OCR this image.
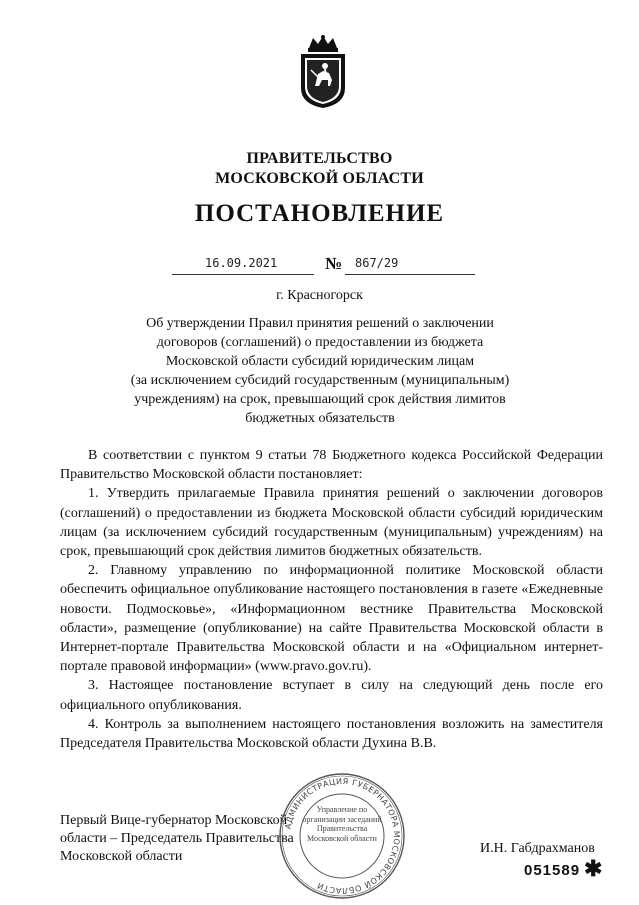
ПРАВИТЕЛЬСТВО
МОСКОВСКОЙ ОБЛАСТИ
ПОСТАНОВЛЕНИЕ
16.09.2021	№ 867/29
г. Красногорск
Об утверждении Правил принятия решений о заключении
договоров (соглашений) о предоставлении из бюджета
Московской области субсидий юридическим лицам
(за исключением субсидий государственным (муниципальным)
учреждениям) на срок, превышающий срок действия лимитов
бюджетных обязательств

В соответствии с пунктом 9 статьи 78 Бюджетного кодекса Российской Федерации Правительство Московской области постановляет:

1. Утвердить прилагаемые Правила принятия решений о заключении договоров (соглашений) о предоставлении из бюджета Московской области субсидий юридическим лицам (за исключением субсидий государственным (муниципальным) учреждениям) на срок, превышающий срок действия лимитов бюджетных обязательств.

2. Главному управлению по информационной политике Московской области обеспечить официальное опубликование настоящего постановления в газете «Ежедневные новости. Подмосковье», «Информационном вестнике Правительства Московской области», размещение (опубликование) на сайте Правительства Московской области в Интернет-портале Правительства Московской области и на «Официальном интернет-портале правовой информации» (www.pravo.gov.ru).

3. Настоящее постановление вступает в силу на следующий день после его официального опубликования.

4. Контроль за выполнением настоящего постановления возложить на заместителя Председателя Правительства Московской области Духина В.В.

Первый Вице-губернатор Московской
области – Председатель Правительства
Московской области
АДМИНИСТРАЦИЯ ГУБЕРНАТОРА МОСКОВСКОЙ ОБЛАСТИ
Управление по организации заседаний Правительства Московской области
И.Н. Габдрахманов
051589 ✱
